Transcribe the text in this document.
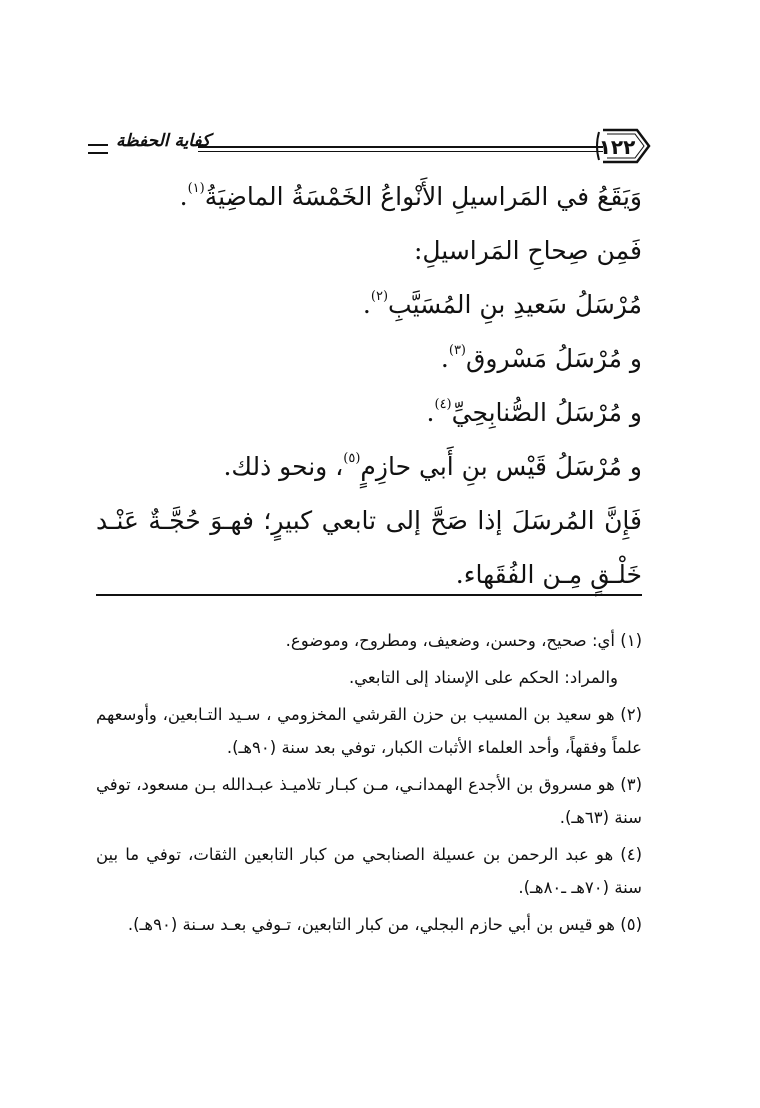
كفاية الحفظة	١٢٢
وَيَقَعُ في المَراسيلِ الأَنْواعُ الخَمْسَةُ الماضِيَةُ$^{(١)}$.
فَمِن صِحاحِ المَراسيلِ:
مُرْسَلُ سَعيدِ بنِ المُسَيَّبِ$^{(٢)}$.
و مُرْسَلُ مَسْروق$^{(٣)}$.
و مُرْسَلُ الصُّنابِحِيِّ$^{(٤)}$.
و مُرْسَلُ قَيْس بنِ أَبي حازِمٍ$^{(٥)}$، ونحو ذلك.
فَإِنَّ المُرسَلَ إذا صَحَّ إلى تابعي كبيرٍ؛ فهـوَ حُجَّـةٌ عَنْـد خَلْـقٍ مِـن الفُقَهاء.
(١) أي: صحيح، وحسن، وضعيف، ومطروح، وموضوع.
والمراد: الحكم على الإسناد إلى التابعي.
(٢) هو سعيد بن المسيب بن حزن القرشي المخزومي ، سـيد التـابعين، وأوسعهم علماً وفقهاً، وأحد العلماء الأثبات الكبار، توفي بعد سنة (٩٠هـ).
(٣) هو مسروق بن الأجدع الهمدانـي، مـن كبـار تلاميـذ عبـدالله بـن مسعود، توفي سنة (٦٣هـ).
(٤) هو عبد الرحمن بن عسيلة الصنابحي من كبار التابعين الثقات، توفي ما بين سنة (٧٠هـ ـ٨٠هـ).
(٥) هو قيس بن أبي حازم البجلي، من كبار التابعين، تـوفي بعـد سـنة (٩٠هـ).
